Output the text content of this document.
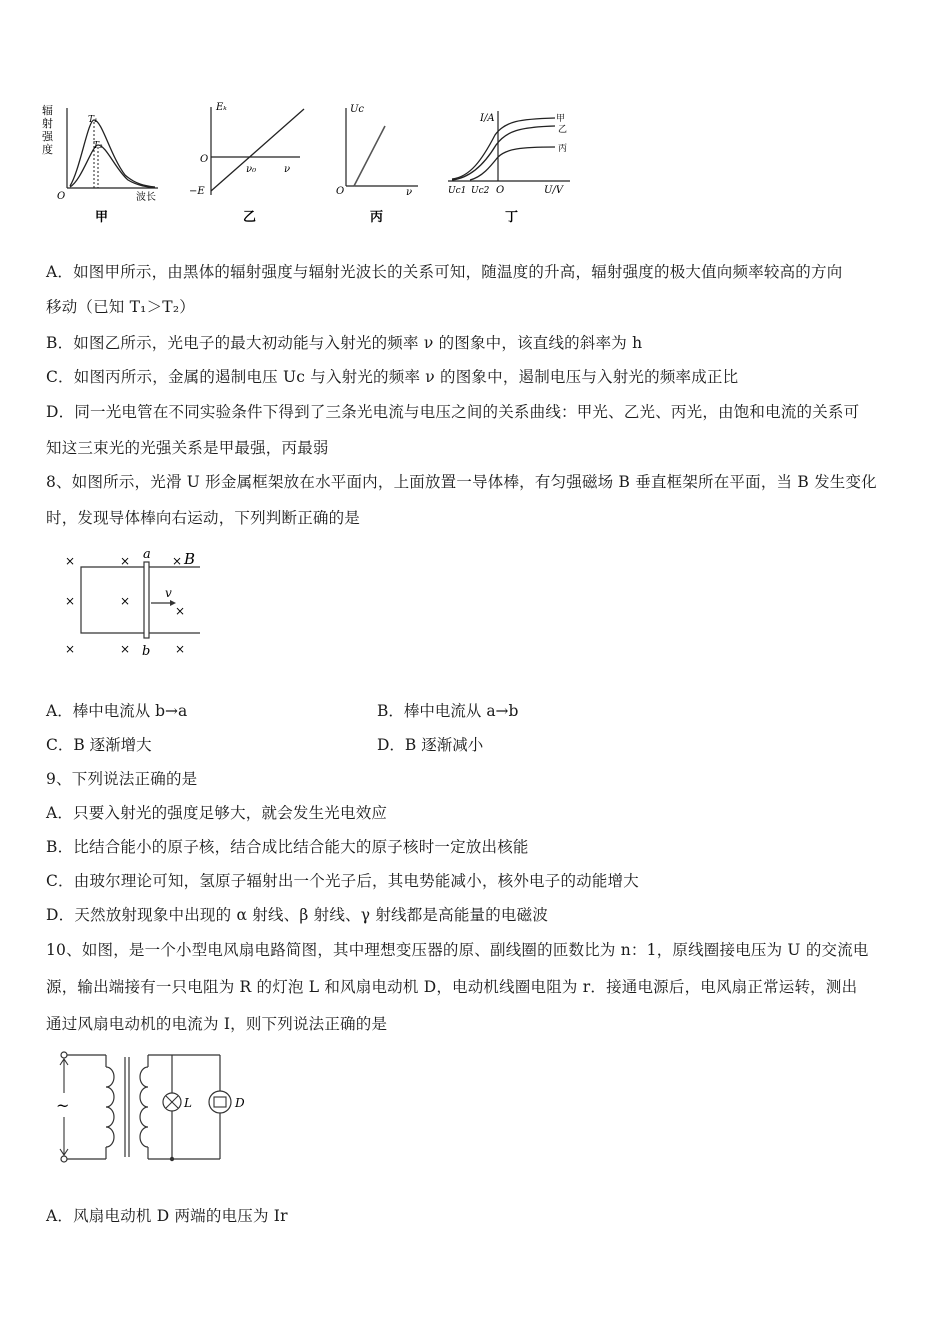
辐
射
强
度
T₁
T₂
O	波长
甲
Eₖ
O
−E
ν₀	ν
乙
Uc
O	ν
丙
I/A	甲
乙
丙
Uc1 Uc2 O	U/V
丁
A．如图甲所示，由黑体的辐射强度与辐射光波长的关系可知，随温度的升高，辐射强度的极大值向频率较高的方向
移动（已知 T₁＞T₂）
B．如图乙所示，光电子的最大初动能与入射光的频率 ν 的图象中，该直线的斜率为 h
C．如图丙所示，金属的遏制电压 Uc 与入射光的频率 ν 的图象中，遏制电压与入射光的频率成正比
D．同一光电管在不同实验条件下得到了三条光电流与电压之间的关系曲线：甲光、乙光、丙光，由饱和电流的关系可
知这三束光的光强关系是甲最强，丙最弱
8、如图所示，光滑 U 形金属框架放在水平面内，上面放置一导体棒，有匀强磁场 B 垂直框架所在平面，当 B 发生变化
时，发现导体棒向右运动，下列判断正确的是
×	×
×	×
×
×	×	×
×
a B
v
b
A．棒中电流从 b→a	B．棒中电流从 a→b
C．B 逐渐增大	D．B 逐渐减小
9、下列说法正确的是
A．只要入射光的强度足够大，就会发生光电效应
B．比结合能小的原子核，结合成比结合能大的原子核时一定放出核能
C．由玻尔理论可知，氢原子辐射出一个光子后，其电势能减小，核外电子的动能增大
D．天然放射现象中出现的 α 射线、β 射线、γ 射线都是高能量的电磁波
10、如图，是一个小型电风扇电路简图，其中理想变压器的原、副线圈的匝数比为 n：1，原线圈接电压为 U 的交流电
源，输出端接有一只电阻为 R 的灯泡 L 和风扇电动机 D，电动机线圈电阻为 r．接通电源后，电风扇正常运转，测出
通过风扇电动机的电流为 I，则下列说法正确的是
~	L	D
A．风扇电动机 D 两端的电压为 Ir
